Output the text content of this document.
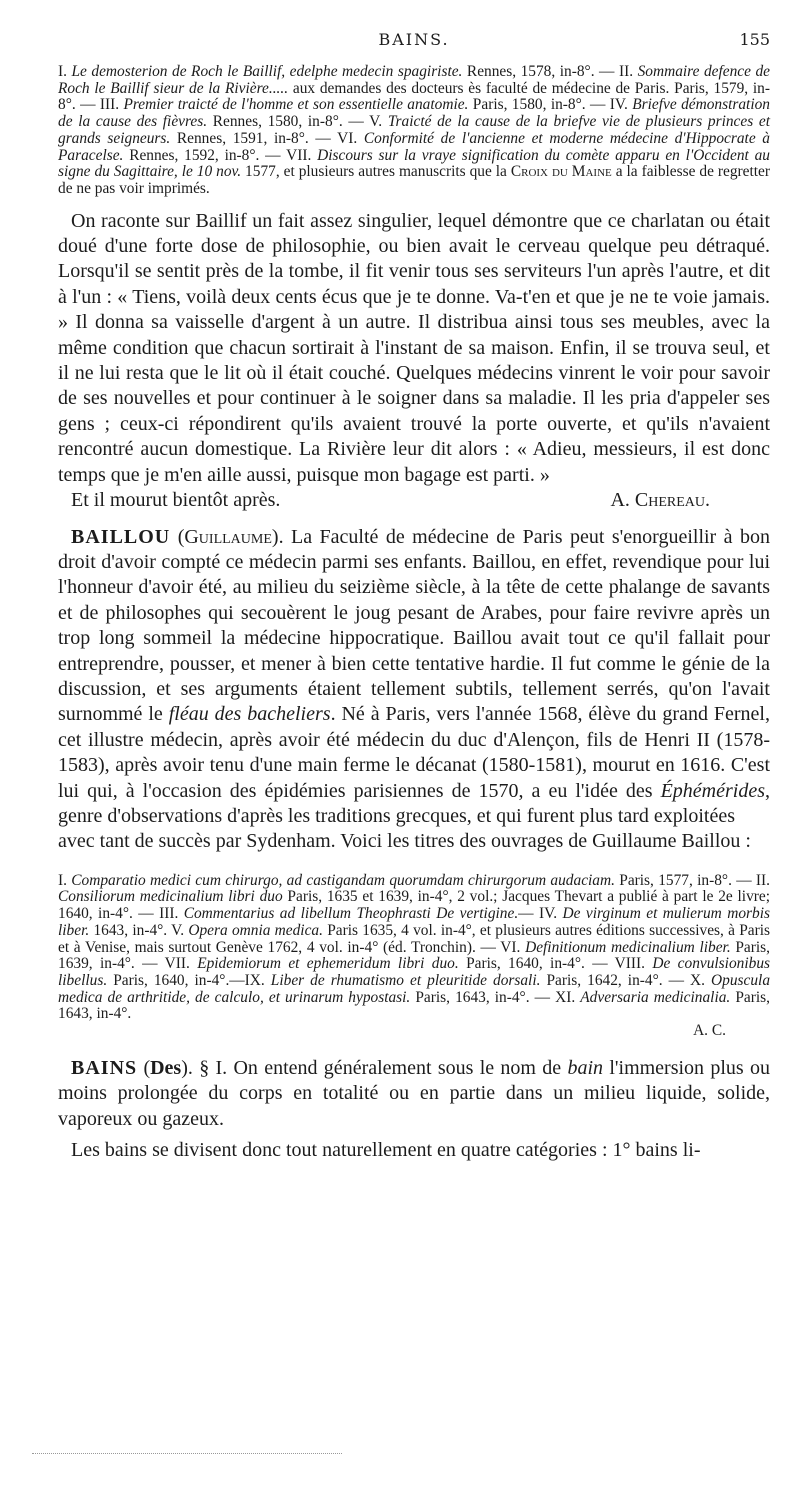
BAINS.	155

I. Le demosterion de Roch le Baillif, edelphe medecin spagiriste. Rennes, 1578, in-8°. — II. Sommaire defence de Roch le Baillif sieur de la Rivière..... aux demandes des docteurs ès faculté de médecine de Paris. Paris, 1579, in-8°. — III. Premier traicté de l'homme et son essentielle anatomie. Paris, 1580, in-8°. — IV. Briefve démonstration de la cause des fièvres. Rennes, 1580, in-8°. — V. Traicté de la cause de la briefve vie de plusieurs princes et grands seigneurs. Rennes, 1591, in-8°. — VI. Conformité de l'ancienne et moderne médecine d'Hippocrate à Paracelse. Rennes, 1592, in-8°. — VII. Discours sur la vraye signification du comète apparu en l'Occident au signe du Sagittaire, le 10 nov. 1577, et plusieurs autres manuscrits que la Croix du Maine a la faiblesse de regretter de ne pas voir imprimés.

On raconte sur Baillif un fait assez singulier, lequel démontre que ce charlatan ou était doué d'une forte dose de philosophie, ou bien avait le cerveau quelque peu détraqué. Lorsqu'il se sentit près de la tombe, il fit venir tous ses serviteurs l'un après l'autre, et dit à l'un : « Tiens, voilà deux cents écus que je te donne. Va-t'en et que je ne te voie jamais. » Il donna sa vaisselle d'argent à un autre. Il distribua ainsi tous ses meubles, avec la même condition que chacun sortirait à l'instant de sa maison. Enfin, il se trouva seul, et il ne lui resta que le lit où il était couché. Quelques médecins vinrent le voir pour savoir de ses nouvelles et pour continuer à le soigner dans sa maladie. Il les pria d'appeler ses gens ; ceux-ci répondirent qu'ils avaient trouvé la porte ouverte, et qu'ils n'avaient rencontré aucun domestique. La Rivière leur dit alors : « Adieu, messieurs, il est donc temps que je m'en aille aussi, puisque mon bagage est parti. »

Et il mourut bientôt après.	A. Chereau.

BAILLOU (Guillaume). La Faculté de médecine de Paris peut s'enorgueillir à bon droit d'avoir compté ce médecin parmi ses enfants. Baillou, en effet, revendique pour lui l'honneur d'avoir été, au milieu du seizième siècle, à la tête de cette phalange de savants et de philosophes qui secouèrent le joug pesant de Arabes, pour faire revivre après un trop long sommeil la médecine hippocratique. Baillou avait tout ce qu'il fallait pour entreprendre, pousser, et mener à bien cette tentative hardie. Il fut comme le génie de la discussion, et ses arguments étaient tellement subtils, tellement serrés, qu'on l'avait surnommé le fléau des bacheliers. Né à Paris, vers l'année 1568, élève du grand Fernel, cet illustre médecin, après avoir été médecin du duc d'Alençon, fils de Henri II (1578-1583), après avoir tenu d'une main ferme le décanat (1580-1581), mourut en 1616. C'est lui qui, à l'occasion des épidémies parisiennes de 1570, a eu l'idée des Éphémérides, genre d'observations d'après les traditions grecques, et qui furent plus tard exploitées

avec tant de succès par Sydenham. Voici les titres des ouvrages de Guillaume Baillou :

I. Comparatio medici cum chirurgo, ad castigandam quorumdam chirurgorum audaciam. Paris, 1577, in-8°. — II. Consiliorum medicinalium libri duo Paris, 1635 et 1639, in-4°, 2 vol.; Jacques Thevart a publié à part le 2e livre; 1640, in-4°. — III. Commentarius ad libellum Theophrasti De vertigine.— IV. De virginum et mulierum morbis liber. 1643, in-4°. V. Opera omnia medica. Paris 1635, 4 vol. in-4°, et plusieurs autres éditions successives, à Paris et à Venise, mais surtout Genève 1762, 4 vol. in-4° (éd. Tronchin). — VI. Definitionum medicinalium liber. Paris, 1639, in-4°. — VII. Epidemiorum et ephemeridum libri duo. Paris, 1640, in-4°. — VIII. De convulsionibus libellus. Paris, 1640, in-4°.—IX. Liber de rhumatismo et pleuritide dorsali. Paris, 1642, in-4°. — X. Opuscula medica de arthritide, de calculo, et urinarum hypostasi. Paris, 1643, in-4°. — XI. Adversaria medicinalia. Paris, 1643, in-4°.

A. C.

BAINS (Des). § I. On entend généralement sous le nom de bain l'immersion plus ou moins prolongée du corps en totalité ou en partie dans un milieu liquide, solide, vaporeux ou gazeux.

Les bains se divisent donc tout naturellement en quatre catégories : 1° bains li-
